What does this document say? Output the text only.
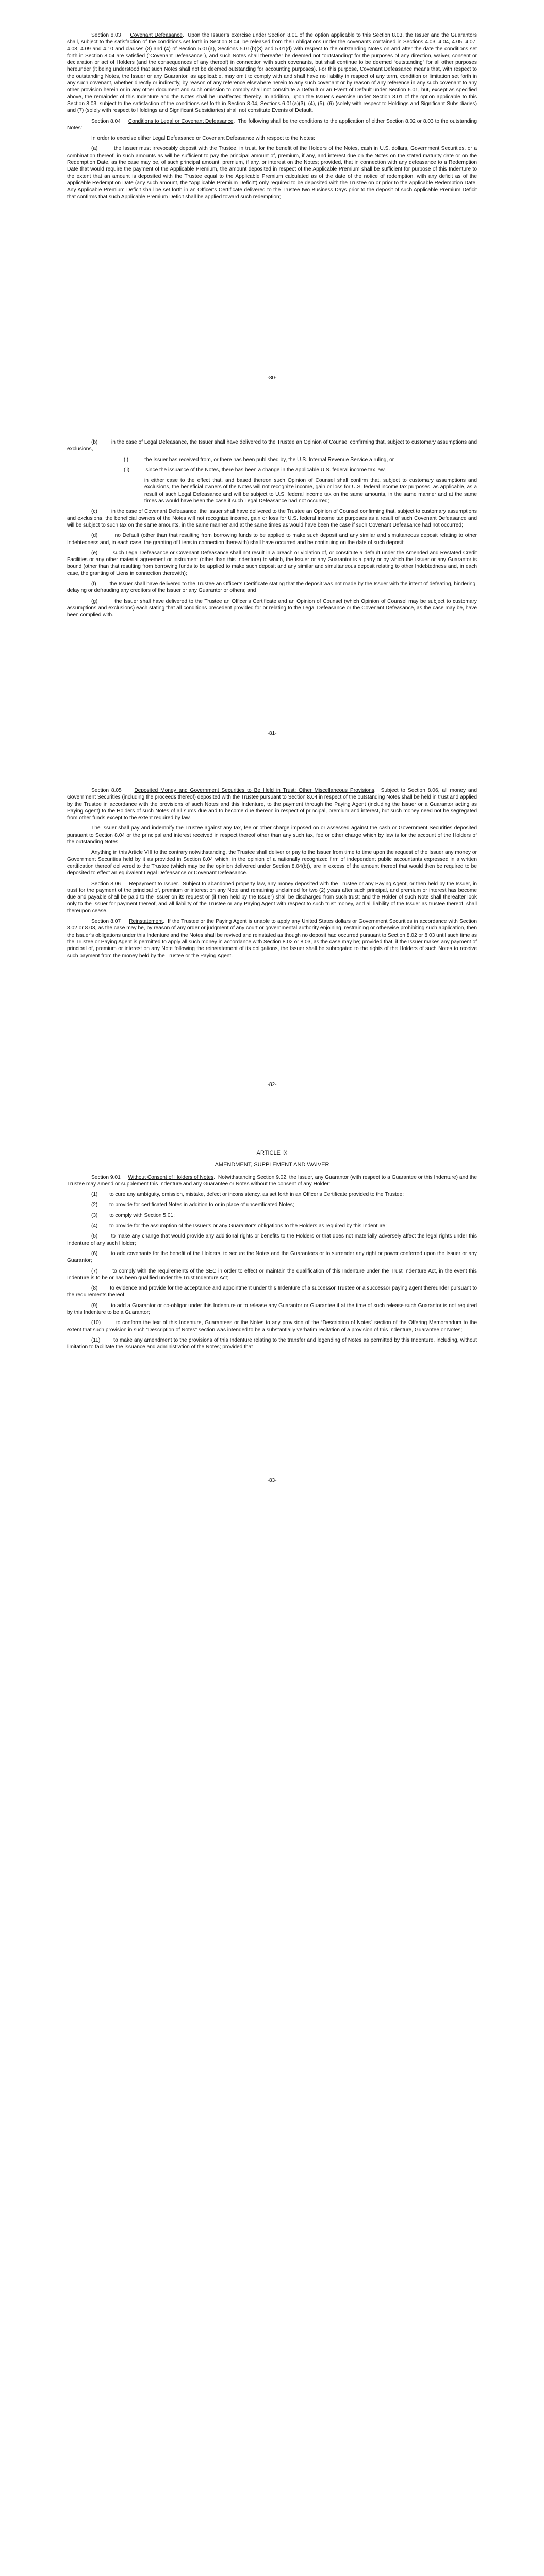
Section 8.03 Covenant Defeasance.  Upon the Issuer’s exercise under Section 8.01 of the option applicable to this Section 8.03, the Issuer and the Guarantors shall, subject to the satisfaction of the conditions set forth in Section 8.04, be released from their obligations under the covenants contained in Sections 4.03, 4.04, 4.05, 4.07, 4.08, 4.09 and 4.10 and clauses (3) and (4) of Section 5.01(a), Sections 5.01(b)(3) and 5.01(d) with respect to the outstanding Notes on and after the date the conditions set forth in Section 8.04 are satisfied (“Covenant Defeasance”), and such Notes shall thereafter be deemed not “outstanding” for the purposes of any direction, waiver, consent or declaration or act of Holders (and the consequences of any thereof) in connection with such covenants, but shall continue to be deemed “outstanding” for all other purposes hereunder (it being understood that such Notes shall not be deemed outstanding for accounting purposes). For this purpose, Covenant Defeasance means that, with respect to the outstanding Notes, the Issuer or any Guarantor, as applicable, may omit to comply with and shall have no liability in respect of any term, condition or limitation set forth in any such covenant, whether directly or indirectly, by reason of any reference elsewhere herein to any such covenant or by reason of any reference in any such covenant to any other provision herein or in any other document and such omission to comply shall not constitute a Default or an Event of Default under Section 6.01, but, except as specified above, the remainder of this Indenture and the Notes shall be unaffected thereby. In addition, upon the Issuer’s exercise under Section 8.01 of the option applicable to this Section 8.03, subject to the satisfaction of the conditions set forth in Section 8.04, Sections 6.01(a)(3), (4), (5), (6) (solely with respect to Holdings and Significant Subsidiaries) and (7) (solely with respect to Holdings and Significant Subsidiaries) shall not constitute Events of Default.

Section 8.04 Conditions to Legal or Covenant Defeasance.  The following shall be the conditions to the application of either Section 8.02 or 8.03 to the outstanding Notes:

In order to exercise either Legal Defeasance or Covenant Defeasance with respect to the Notes:

(a)	the Issuer must irrevocably deposit with the Trustee, in trust, for the benefit of the Holders of the Notes, cash in U.S. dollars, Government Securities, or a combination thereof, in such amounts as will be sufficient to pay the principal amount of, premium, if any, and interest due on the Notes on the stated maturity date or on the Redemption Date, as the case may be, of such principal amount, premium, if any, or interest on the Notes; provided, that in connection with any defeasance to a Redemption Date that would require the payment of the Applicable Premium, the amount deposited in respect of the Applicable Premium shall be sufficient for purpose of this Indenture to the extent that an amount is deposited with the Trustee equal to the Applicable Premium calculated as of the date of the notice of redemption, with any deficit as of the applicable Redemption Date (any such amount, the “Applicable Premium Deficit”) only required to be deposited with the Trustee on or prior to the applicable Redemption Date. Any Applicable Premium Deficit shall be set forth in an Officer’s Certificate delivered to the Trustee two Business Days prior to the deposit of such Applicable Premium Deficit that confirms that such Applicable Premium Deficit shall be applied toward such redemption;

-80-

(b)	in the case of Legal Defeasance, the Issuer shall have delivered to the Trustee an Opinion of Counsel confirming that, subject to customary assumptions and exclusions,

(i)	the Issuer has received from, or there has been published by, the U.S. Internal Revenue Service a ruling, or

(ii)	since the issuance of the Notes, there has been a change in the applicable U.S. federal income tax law,

in either case to the effect that, and based thereon such Opinion of Counsel shall confirm that, subject to customary assumptions and exclusions, the beneficial owners of the Notes will not recognize income, gain or loss for U.S. federal income tax purposes, as applicable, as a result of such Legal Defeasance and will be subject to U.S. federal income tax on the same amounts, in the same manner and at the same times as would have been the case if such Legal Defeasance had not occurred;

(c)	in the case of Covenant Defeasance, the Issuer shall have delivered to the Trustee an Opinion of Counsel confirming that, subject to customary assumptions and exclusions, the beneficial owners of the Notes will not recognize income, gain or loss for U.S. federal income tax purposes as a result of such Covenant Defeasance and will be subject to such tax on the same amounts, in the same manner and at the same times as would have been the case if such Covenant Defeasance had not occurred;

(d)	no Default (other than that resulting from borrowing funds to be applied to make such deposit and any similar and simultaneous deposit relating to other Indebtedness and, in each case, the granting of Liens in connection therewith) shall have occurred and be continuing on the date of such deposit;

(e)	such Legal Defeasance or Covenant Defeasance shall not result in a breach or violation of, or constitute a default under the Amended and Restated Credit Facilities or any other material agreement or instrument (other than this Indenture) to which, the Issuer or any Guarantor is a party or by which the Issuer or any Guarantor is bound (other than that resulting from borrowing funds to be applied to make such deposit and any similar and simultaneous deposit relating to other Indebtedness and, in each case, the granting of Liens in connection therewith);

(f)	the Issuer shall have delivered to the Trustee an Officer’s Certificate stating that the deposit was not made by the Issuer with the intent of defeating, hindering, delaying or defrauding any creditors of the Issuer or any Guarantor or others; and

(g)	the Issuer shall have delivered to the Trustee an Officer’s Certificate and an Opinion of Counsel (which Opinion of Counsel may be subject to customary assumptions and exclusions) each stating that all conditions precedent provided for or relating to the Legal Defeasance or the Covenant Defeasance, as the case may be, have been complied with.

-81-

Section 8.05 Deposited Money and Government Securities to Be Held in Trust; Other Miscellaneous Provisions.  Subject to Section 8.06, all money and Government Securities (including the proceeds thereof) deposited with the Trustee pursuant to Section 8.04 in respect of the outstanding Notes shall be held in trust and applied by the Trustee in accordance with the provisions of such Notes and this Indenture, to the payment through the Paying Agent (including the Issuer or a Guarantor acting as Paying Agent) to the Holders of such Notes of all sums due and to become due thereon in respect of principal, premium and interest, but such money need not be segregated from other funds except to the extent required by law.

The Issuer shall pay and indemnify the Trustee against any tax, fee or other charge imposed on or assessed against the cash or Government Securities deposited pursuant to Section 8.04 or the principal and interest received in respect thereof other than any such tax, fee or other charge which by law is for the account of the Holders of the outstanding Notes.

Anything in this Article VIII to the contrary notwithstanding, the Trustee shall deliver or pay to the Issuer from time to time upon the request of the Issuer any money or Government Securities held by it as provided in Section 8.04 which, in the opinion of a nationally recognized firm of independent public accountants expressed in a written certification thereof delivered to the Trustee (which may be the opinion delivered under Section 8.04(b)), are in excess of the amount thereof that would then be required to be deposited to effect an equivalent Legal Defeasance or Covenant Defeasance.

Section 8.06 Repayment to Issuer.  Subject to abandoned property law, any money deposited with the Trustee or any Paying Agent, or then held by the Issuer, in trust for the payment of the principal of, premium or interest on any Note and remaining unclaimed for two (2) years after such principal, and premium or interest has become due and payable shall be paid to the Issuer on its request or (if then held by the Issuer) shall be discharged from such trust; and the Holder of such Note shall thereafter look only to the Issuer for payment thereof, and all liability of the Trustee or any Paying Agent with respect to such trust money, and all liability of the Issuer as trustee thereof, shall thereupon cease.

Section 8.07 Reinstatement.  If the Trustee or the Paying Agent is unable to apply any United States dollars or Government Securities in accordance with Section 8.02 or 8.03, as the case may be, by reason of any order or judgment of any court or governmental authority enjoining, restraining or otherwise prohibiting such application, then the Issuer’s obligations under this Indenture and the Notes shall be revived and reinstated as though no deposit had occurred pursuant to Section 8.02 or 8.03 until such time as the Trustee or Paying Agent is permitted to apply all such money in accordance with Section 8.02 or 8.03, as the case may be; provided that, if the Issuer makes any payment of principal of, premium or interest on any Note following the reinstatement of its obligations, the Issuer shall be subrogated to the rights of the Holders of such Notes to receive such payment from the money held by the Trustee or the Paying Agent.

-82-

ARTICLE IX

AMENDMENT, SUPPLEMENT AND WAIVER

Section 9.01 Without Consent of Holders of Notes.  Notwithstanding Section 9.02, the Issuer, any Guarantor (with respect to a Guarantee or this Indenture) and the Trustee may amend or supplement this Indenture and any Guarantee or Notes without the consent of any Holder:

(1) to cure any ambiguity, omission, mistake, defect or inconsistency, as set forth in an Officer’s Certificate provided to the Trustee;

(2) to provide for certificated Notes in addition to or in place of uncertificated Notes;

(3) to comply with Section 5.01;

(4) to provide for the assumption of the Issuer’s or any Guarantor’s obligations to the Holders as required by this Indenture;

(5)	to make any change that would provide any additional rights or benefits to the Holders or that does not materially adversely affect the legal rights under this Indenture of any such Holder;

(6)	to add covenants for the benefit of the Holders, to secure the Notes and the Guarantees or to surrender any right or power conferred upon the Issuer or any Guarantor;

(7)	to comply with the requirements of the SEC in order to effect or maintain the qualification of this Indenture under the Trust Indenture Act, in the event this Indenture is to be or has been qualified under the Trust Indenture Act;

(8) to evidence and provide for the acceptance and appointment under this Indenture of a successor Trustee or a successor paying agent thereunder pursuant to the requirements thereof;

(9)	to add a Guarantor or co-obligor under this Indenture or to release any Guarantor or Guarantee if at the time of such release such Guarantor is not required by this Indenture to be a Guarantor;

(10)	to conform the text of this Indenture, Guarantees or the Notes to any provision of the “Description of Notes” section of the Offering Memorandum to the extent that such provision in such “Description of Notes” section was intended to be a substantially verbatim recitation of a provision of this Indenture, Guarantee or Notes;

(11)	to make any amendment to the provisions of this Indenture relating to the transfer and legending of Notes as permitted by this Indenture, including, without limitation to facilitate the issuance and administration of the Notes; provided that

-83-
